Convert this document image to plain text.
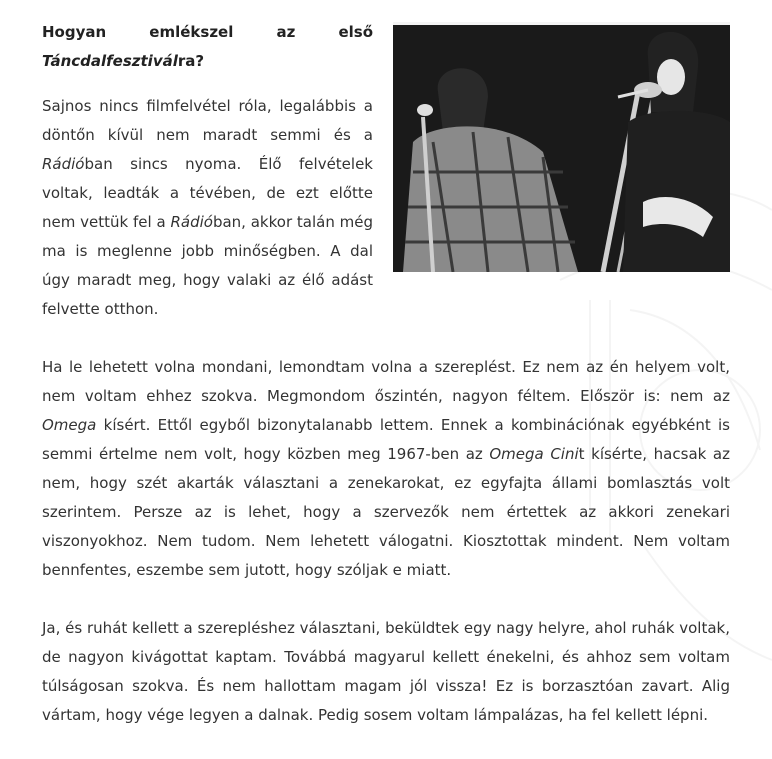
Hogyan emlékszel az első
Táncdalfesztiválra?

Sajnos nincs filmfelvétel róla, legalábbis a döntőn kívül nem maradt semmi és a Rádióban sincs nyoma. Élő felvételek voltak, leadták a tévében, de ezt előtte nem vettük fel a Rádióban, akkor talán még ma is meglenne jobb minőségben. A dal úgy maradt meg, hogy valaki az élő adást felvette otthon.

Ha le lehetett volna mondani, lemondtam volna a szereplést. Ez nem az én helyem volt, nem voltam ehhez szokva. Megmondom őszintén, nagyon féltem. Először is: nem az Omega kísért. Ettől egyből bizonytalanabb lettem. Ennek a kombinációnak egyébként is semmi értelme nem volt, hogy közben meg 1967-ben az Omega Cinit kísérte, hacsak az nem, hogy szét akarták választani a zenekarokat, ez egyfajta állami bomlasztás volt szerintem. Persze az is lehet, hogy a szervezők nem értettek az akkori zenekari viszonyokhoz. Nem tudom. Nem lehetett válogatni. Kiosztottak mindent. Nem voltam bennfentes, eszembe sem jutott, hogy szóljak e miatt.

Ja, és ruhát kellett a szerepléshez választani, beküldtek egy nagy helyre, ahol ruhák voltak, de nagyon kivágottat kaptam. Továbbá magyarul kellett énekelni, és ahhoz sem voltam túlságosan szokva. És nem hallottam magam jól vissza! Ez is borzasztóan zavart. Alig vártam, hogy vége legyen a dalnak. Pedig sosem voltam lámpalázas, ha fel kellett lépni.
